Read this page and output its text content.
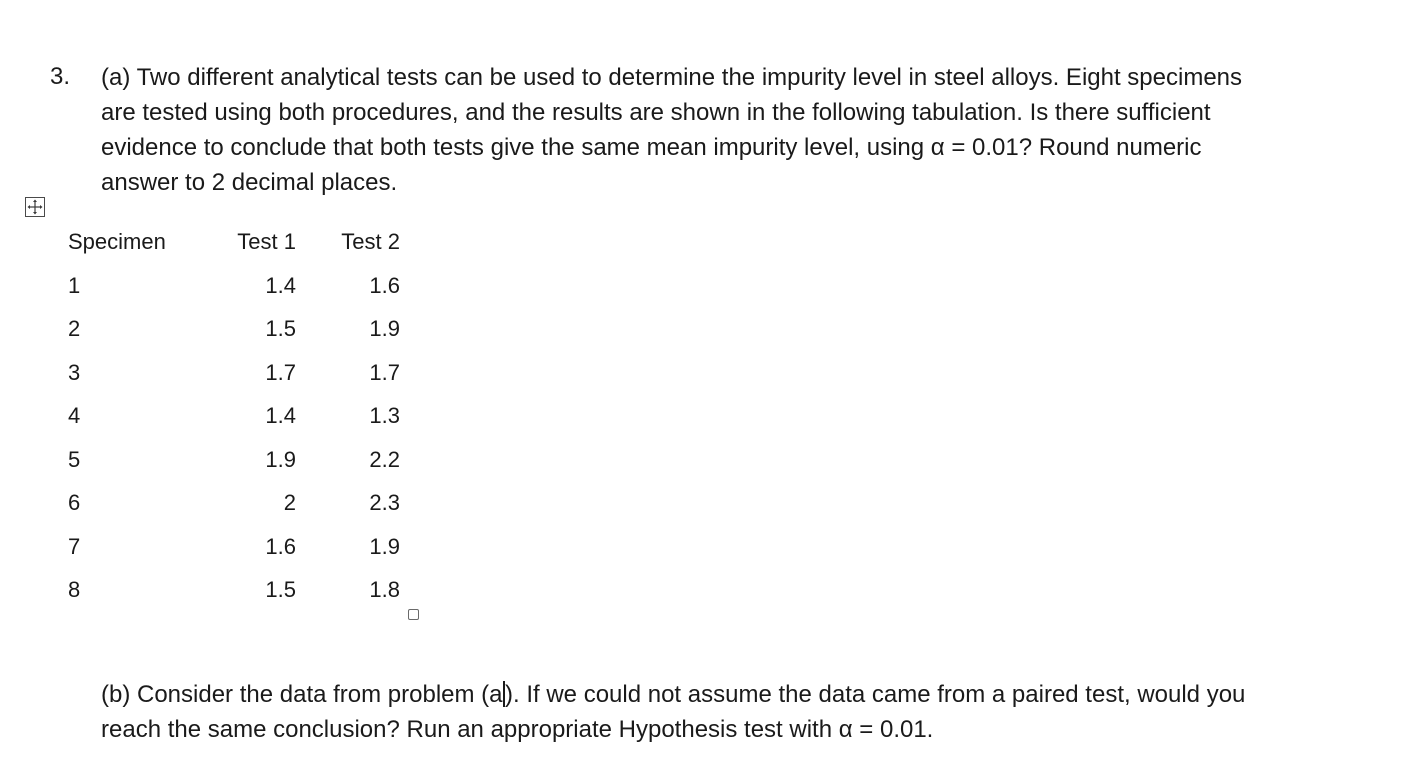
3. (a) Two different analytical tests can be used to determine the impurity level in steel alloys. Eight specimens
are tested using both procedures, and the results are shown in the following tabulation. Is there sufficient
evidence to conclude that both tests give the same mean impurity level, using α = 0.01? Round numeric
answer to 2 decimal places.
Specimen	Test 1	Test 2
1	1.4	1.6
2	1.5	1.9
3	1.7	1.7
4	1.4	1.3
5	1.9	2.2
6	2	2.3
7	1.6	1.9
8	1.5	1.8
(b) Consider the data from problem (a ). If we could not assume the data came from a paired test, would you
reach the same conclusion? Run an appropriate Hypothesis test with α = 0.01.
